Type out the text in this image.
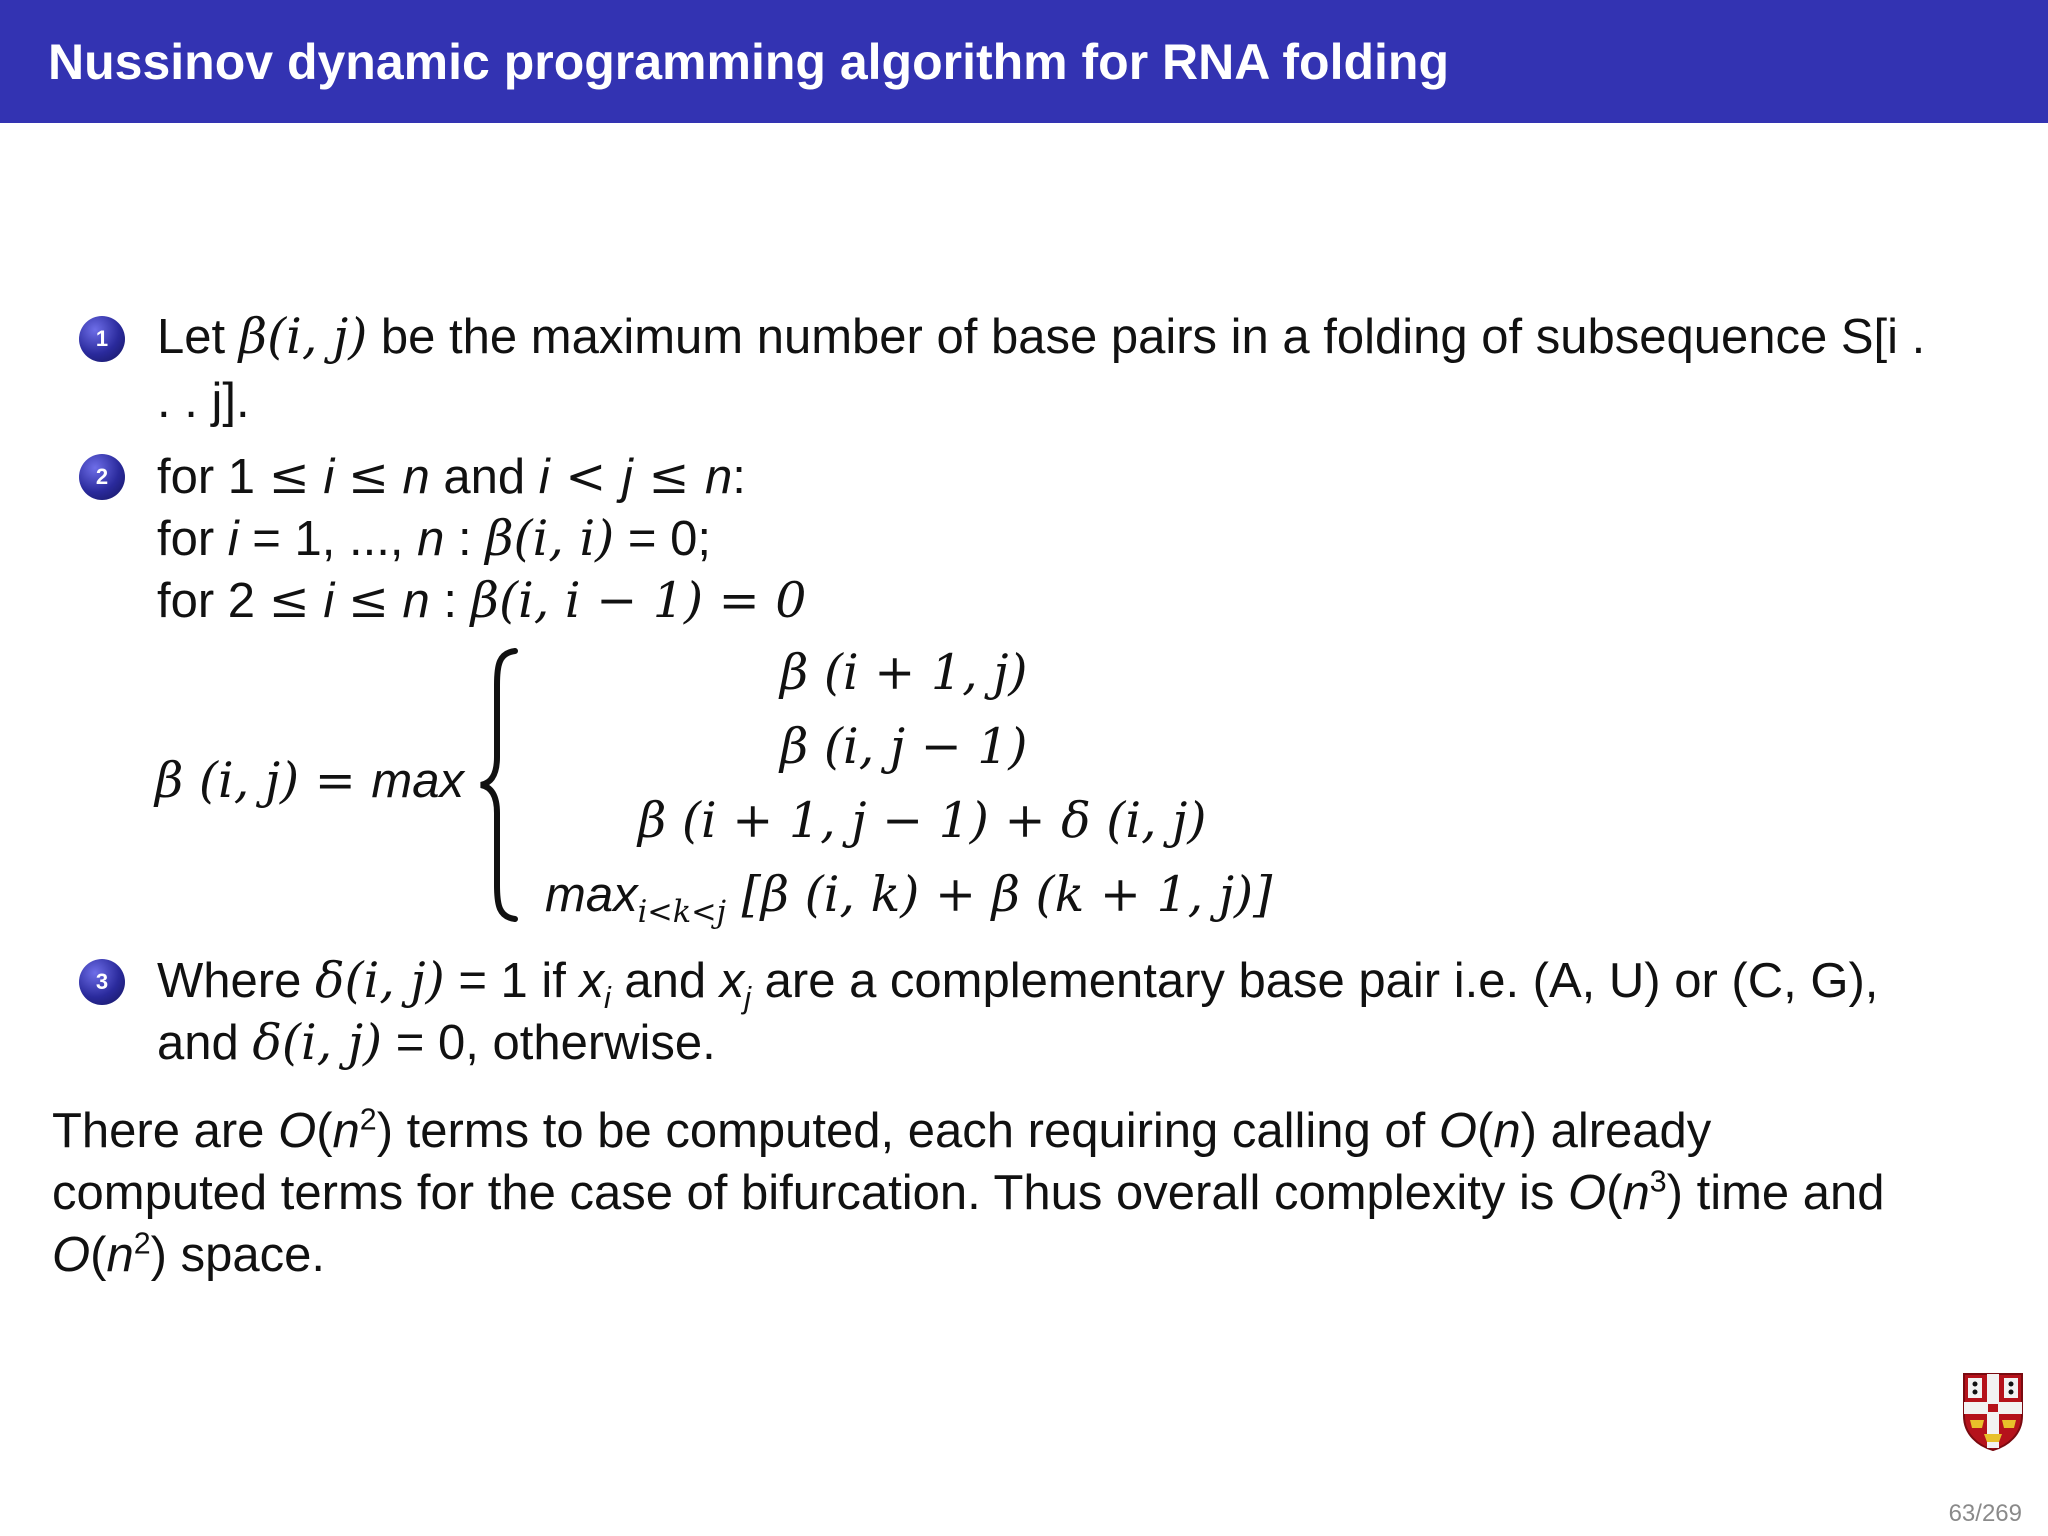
Nussinov dynamic programming algorithm for RNA folding
1 Let β(i, j) be the maximum number of base pairs in a folding of subsequence S[i .
. . j].
2 for 1 ≤ i ≤ n and i < j ≤ n:
for i = 1, ..., n : β(i, i) = 0;
for 2 ≤ i ≤ n : β(i, i − 1) = 0
β (i, j) = max
β (i + 1, j)
β (i, j − 1)
β (i + 1, j − 1) + δ (i, j)
$\max_{i<k<j} [\beta$ (i, k) + β (k + 1, j)]
3 Where δ(i, j) = 1 if $x_i$ and $x_j$ are a complementary base pair i.e. (A, U) or (C, G),
and δ(i, j) = 0, otherwise.
There are $O(n^2)$ terms to be computed, each requiring calling of O(n) already
computed terms for the case of bifurcation. Thus overall complexity is $O(n^3)$ time and
$O(n^2)$ space.
63/269
